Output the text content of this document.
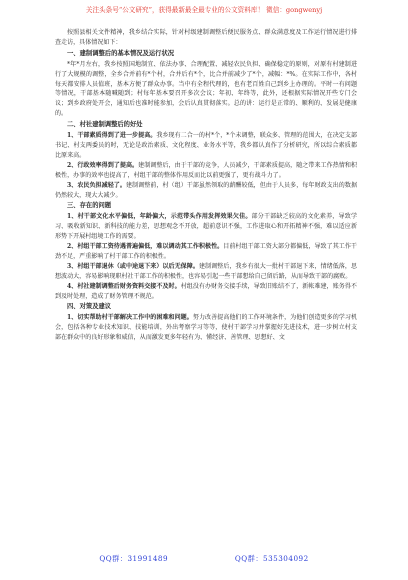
关注头条号“公文研究”，获得最新最全最专业的公文资料库！ 微信：gongwenyj

按照县相关文件精神，我乡结合实际，针对村级建制调整后便民服务点、群众满意度及工作运行情况进行排查走访，具体情况如下：

一、建制调整后的基本情况及运行状况

*年*月左右，我乡按照国地制宜、依法办事、合理配置、减轻农民负担、确保稳定的原则，对原有村建制进行了大规模的调整，全乡合并前有*个村，合并后有*个，比合并前减少了*个，减幅：*%。在实际工作中，各村每天都安排人员值班，基本方便了群众办事。当中有全程代理的，也有老百姓自己到乡上办理的。平时一有问题等情况，干部基本随喊随到；村每年基本要召开多次会议；年初、年终等，此外，还根据实际情况开些专门会议；到乡政府处开会，通知后也准时能参加，会后认真贯彻落实。总的讲：运行是正常的、顺利的、发展是健康的。

二、村社建制调整后的好处

1、干部素质得到了进一步提高。我乡现有二合一的村*个，*个未调整，联众多、管理的范围大，在决定支部书记、村支两委员的时，无论是政治素质、文化程度、业务水平等，我乡都认真作了分析研究，所以综合素质都比原来高。

2、行政效率得到了提高。建制调整后，由于干部的竞争，人员减少，干部素质提高，随之带来工作热情和积极性，办事的效率也提高了，村组干部的整体作用反而比以前更强了，更有战斗力了。

3、农民负担减轻了。建制调整前，村（组）干部虽然领取的薪酬较低，但由于人员多，每年财政支出的数据仍然较大，现大大减少。

三、存在的问题

1、村干部文化水平偏低，年龄偏大，示范带头作用发挥效果欠佳。部分干部缺乏较高的文化素养，导致学习、吸收新知识、新科技的能力差，思想观念不开放，超前意识不强，工作进取心和开拓精神不强，难以适应新形势下开展村组境工作的需要。

2、村组干部工资待遇普遍偏低，难以调动其工作积极性。目前村组干部工资大部分都偏低，导致了其工作干劲不足，严重影响了村干部工作的积极性。

3、村组干部退休（或中途退下来）以后无保障。建制调整后，我乡有很大一批村干部退下来，情绪低落，思想波动大，容易影响现职村社干部工作的积极性，也容易引起一些干部想给自己留后路，从而导致干部的腐败。

4、村社建制调整后财务资料交接不及时。村组没有办财务交接手续，导致旧账结不了，新帐难建，账务得不到及时处理，造成了财务管理不规范。

四、对策及建议

1、切实帮助村干部解决工作中的困难和问题。努力改善提高他们的工作环境条件，为他们创造更多的学习机会，包括各种专业技术知识、技能培训，外出考察学习等等，使村干部学习并掌握好先进技术，进一步树立村支部在群众中的良好形象和威信，从而激发更多年轻有为、懂经济、善管理、思想好、文

QQ群：31991489	QQ群：535304092
